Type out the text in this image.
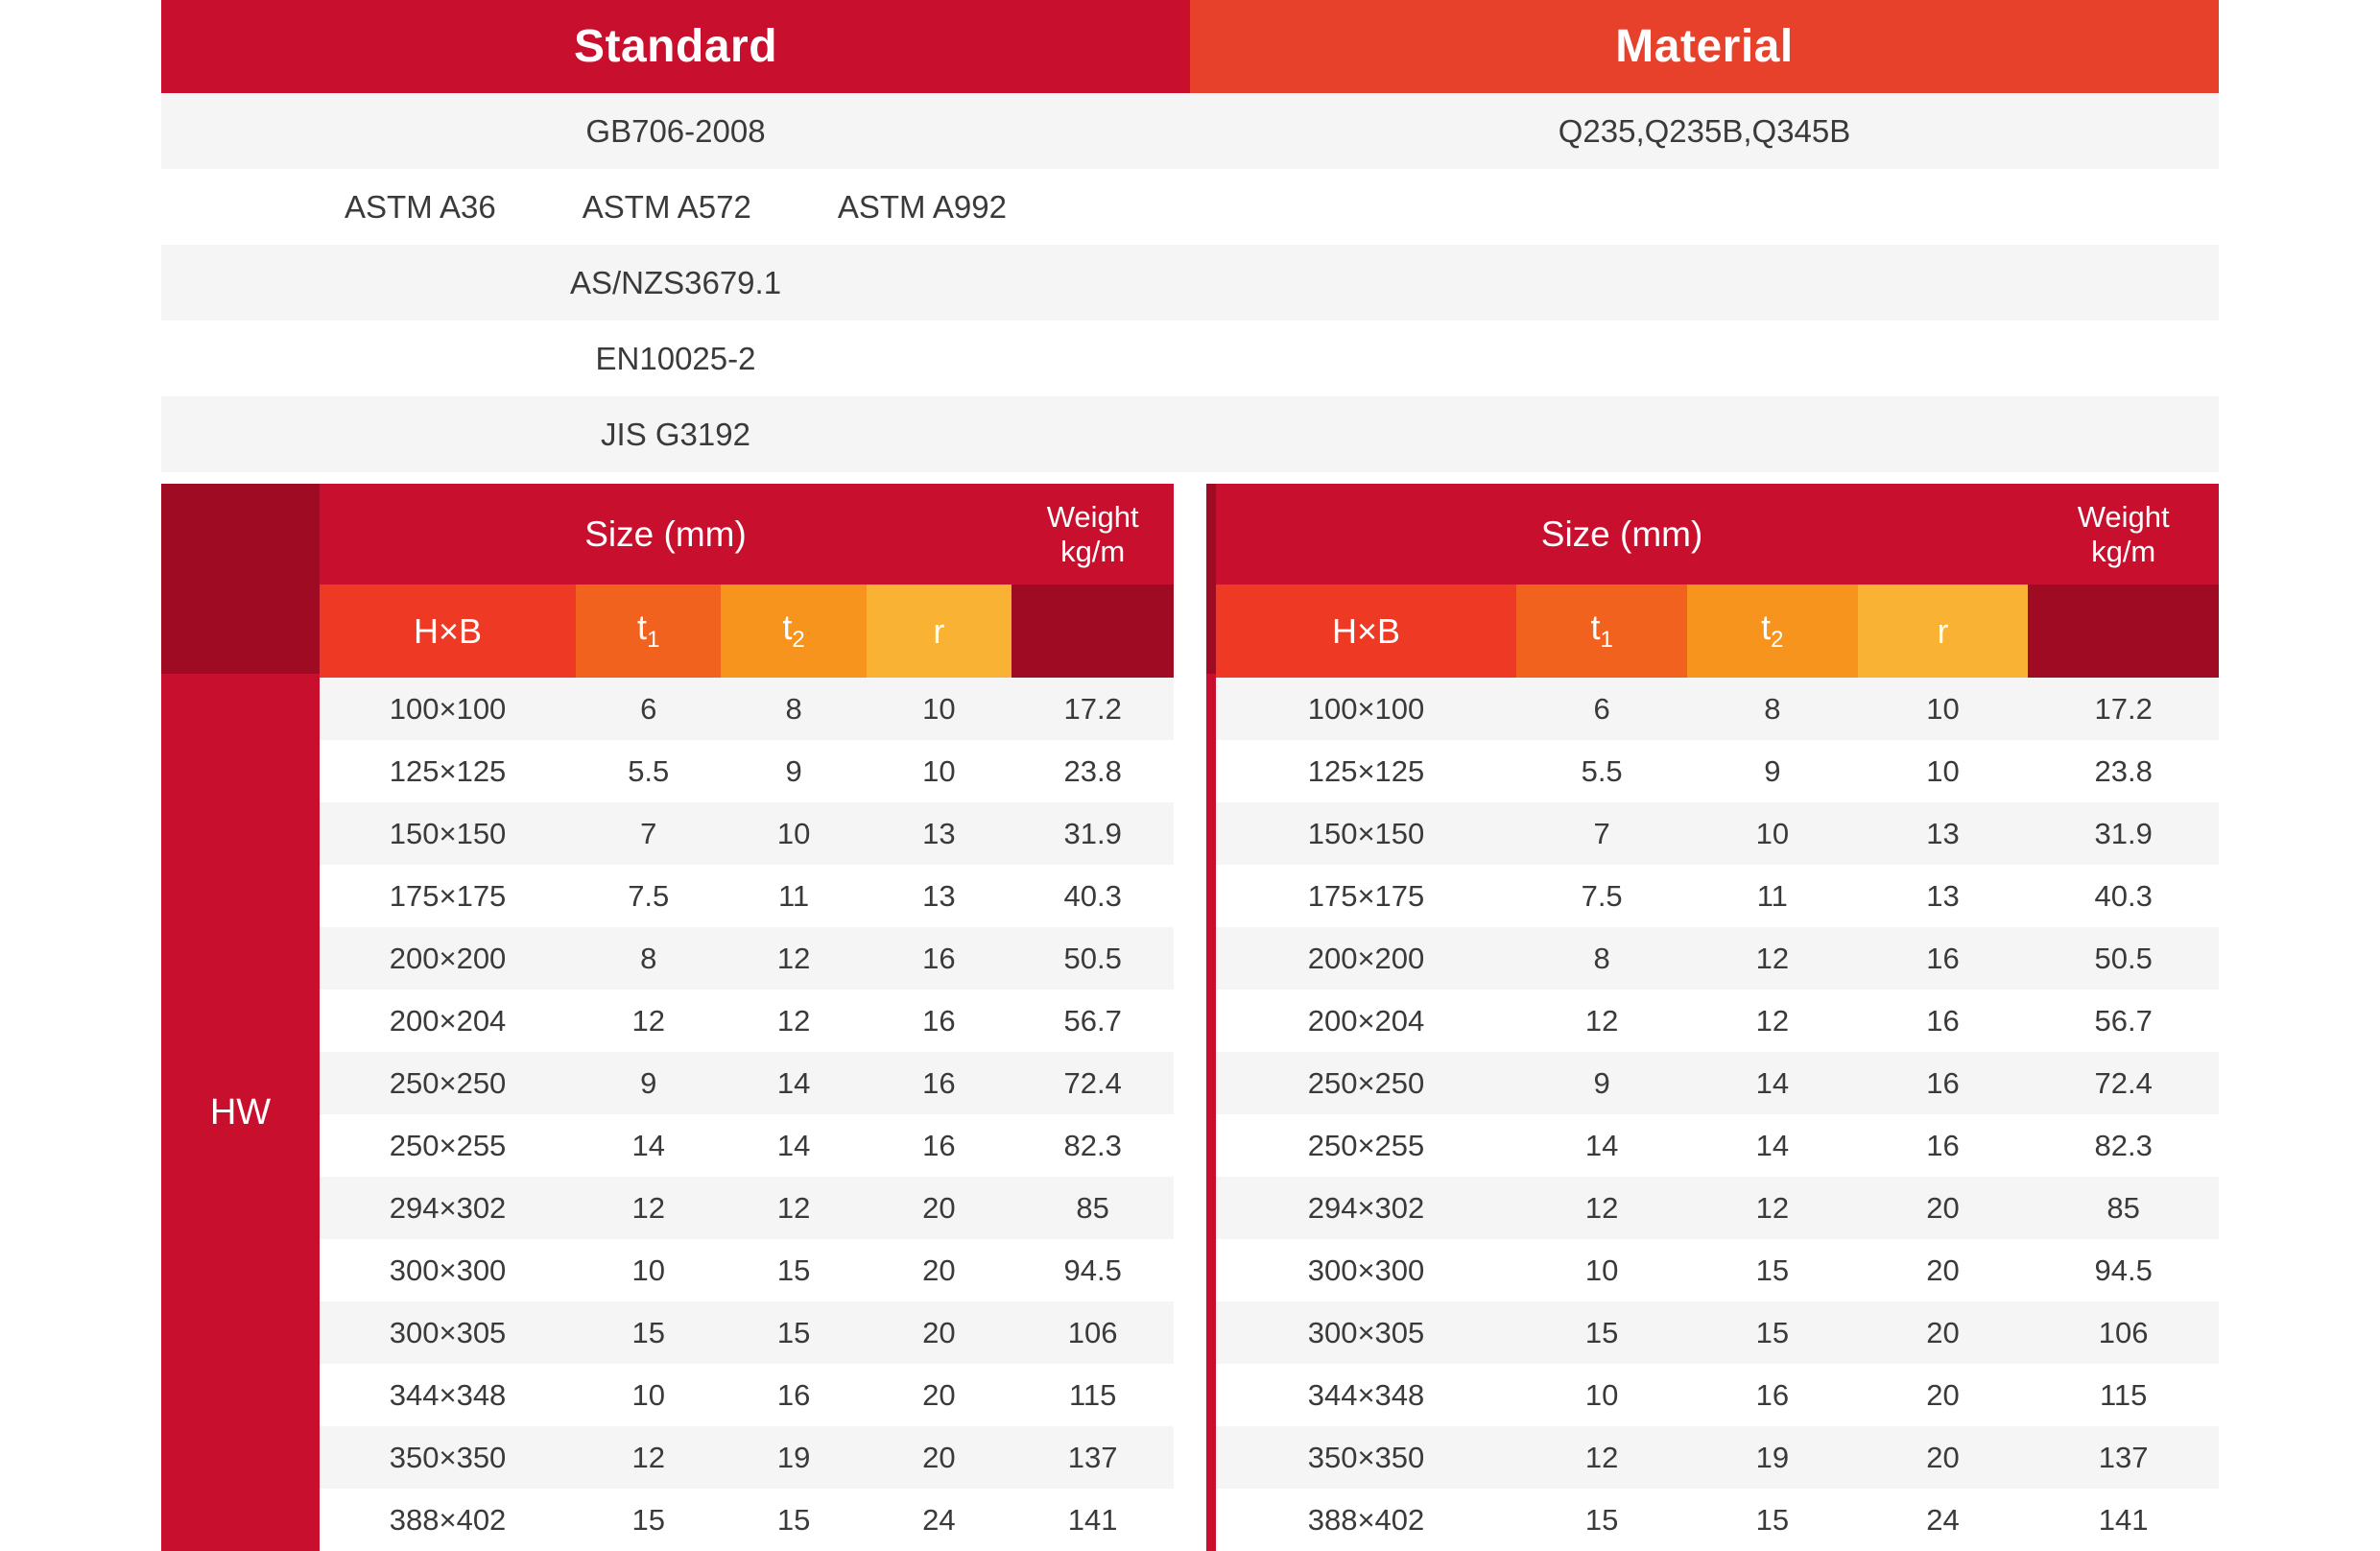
Standard	Material
GB706-2008	Q235,Q235B,Q345B

ASTM A36 ASTM A572 ASTM A992	

AS/NZS3679.1	
EN10025-2	
JIS G3192	
HW
Size (mm)				Weight
kg/m

H×B	$t_1$	$t_2$	r	
100×100	6	8	10	17.2
125×125	5.5	9	10	23.8
150×150	7	10	13	31.9
175×175	7.5	11	13	40.3
200×200	8	12	16	50.5
200×204	12	12	16	56.7
250×250	9	14	16	72.4
250×255	14	14	16	82.3
294×302	12	12	20	85
300×300	10	15	20	94.5
300×305	15	15	20	106
344×348	10	16	20	115
350×350	12	19	20	137
388×402	15	15	24	141
Size (mm)				Weight
kg/m

H×B	$t_1$	$t_2$	r	
100×100	6	8	10	17.2
125×125	5.5	9	10	23.8
150×150	7	10	13	31.9
175×175	7.5	11	13	40.3
200×200	8	12	16	50.5
200×204	12	12	16	56.7
250×250	9	14	16	72.4
250×255	14	14	16	82.3
294×302	12	12	20	85
300×300	10	15	20	94.5
300×305	15	15	20	106
344×348	10	16	20	115
350×350	12	19	20	137
388×402	15	15	24	141
